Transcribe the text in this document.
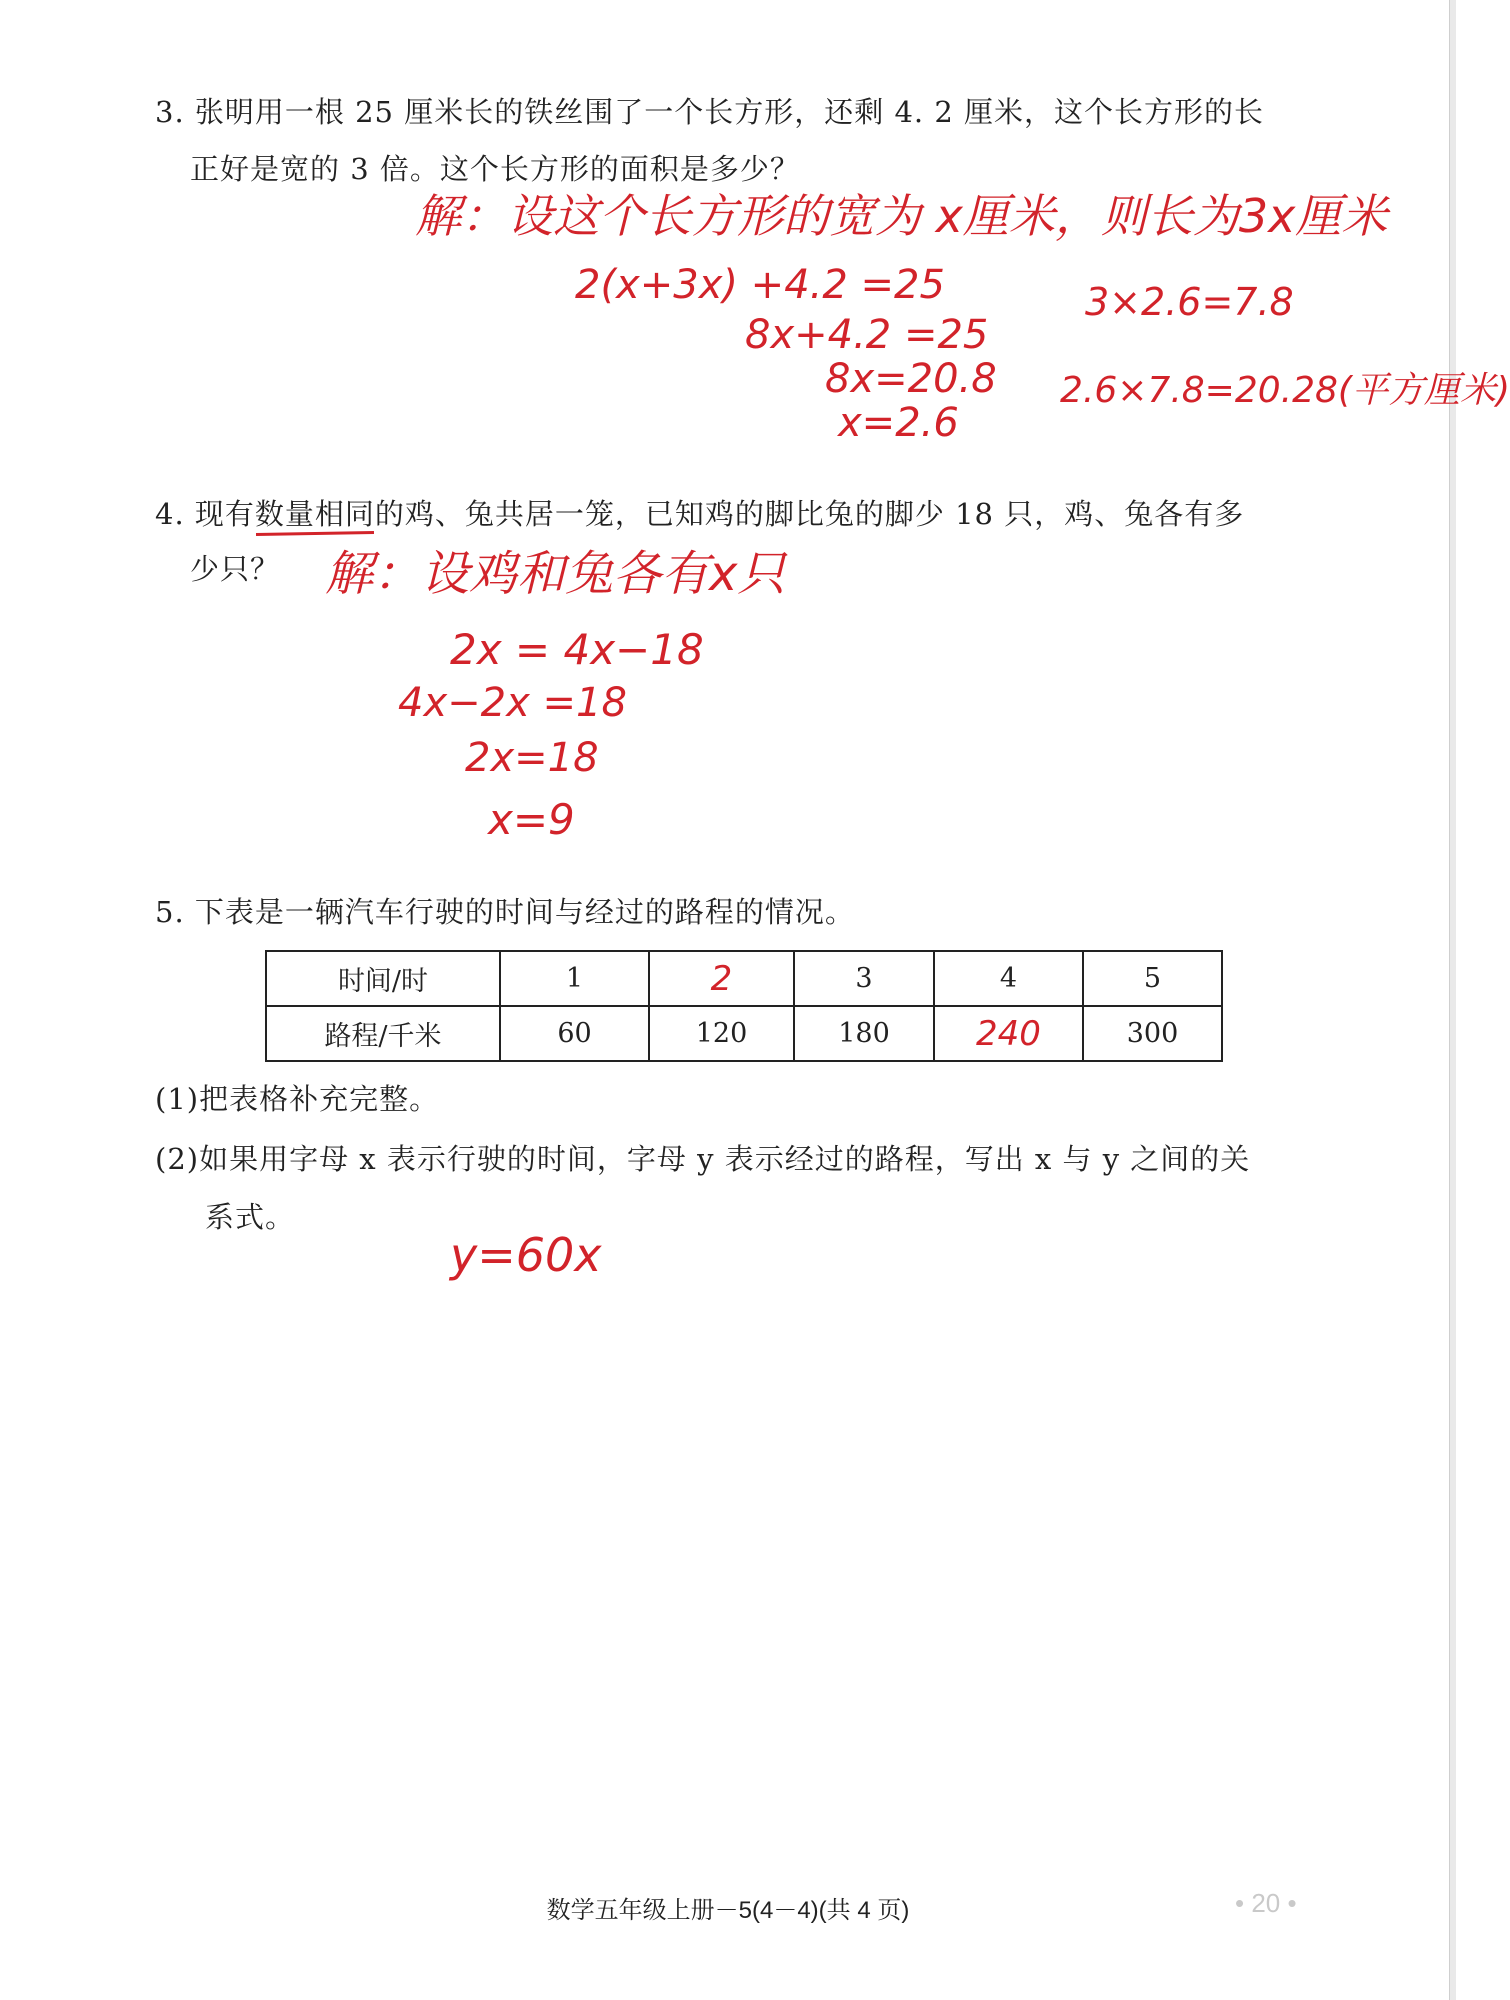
3. 张明用一根 25 厘米长的铁丝围了一个长方形，还剩 4. 2 厘米，这个长方形的长
正好是宽的 3 倍。这个长方形的面积是多少？
解：设这个长方形的宽为 x厘米，则长为3x厘米
2(x+3x) +4.2 =25
8x+4.2 =25
8x=20.8
x=2.6
3×2.6=7.8
2.6×7.8=20.28(平方厘米)
4. 现有数量相同的鸡、兔共居一笼，已知鸡的脚比兔的脚少 18 只，鸡、兔各有多
少只？ 解：设鸡和兔各有x只
2x = 4x−18
4x−2x =18
2x=18
x=9
5. 下表是一辆汽车行驶的时间与经过的路程的情况。
时间/时	1	2	3	4	5
路程/千米	60	120	180	240	300
(1)把表格补充完整。
(2)如果用字母 x 表示行驶的时间，字母 y 表示经过的路程，写出 x 与 y 之间的关
系式。
y=60x
数学五年级上册－5(4－4)(共 4 页)	• 20 •
